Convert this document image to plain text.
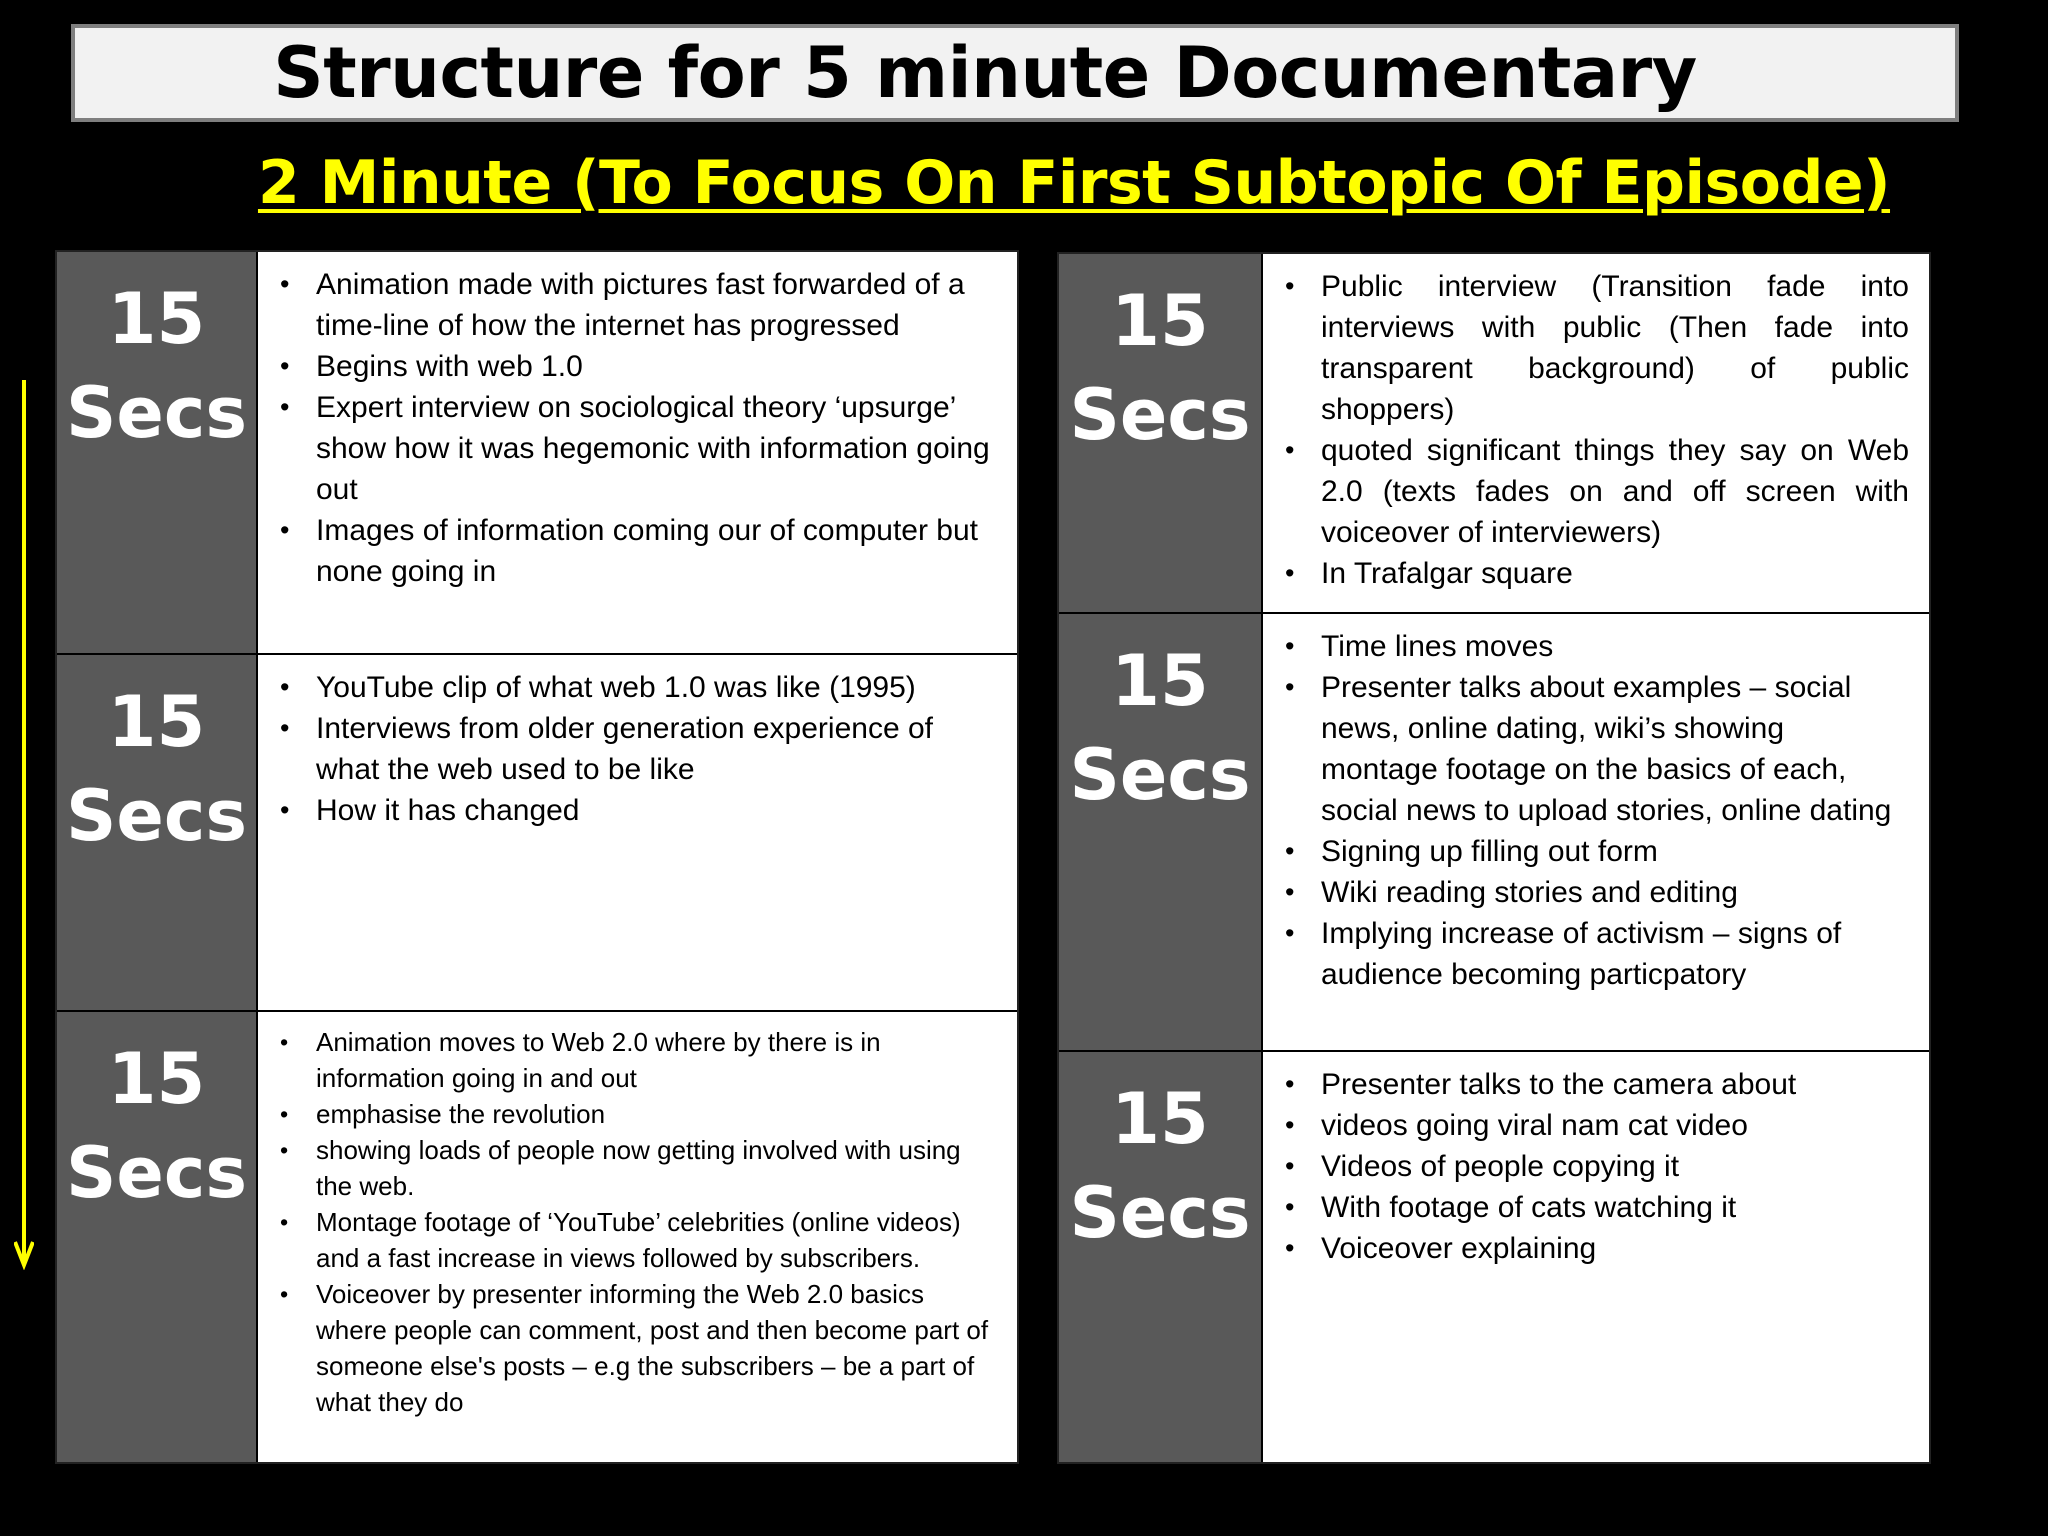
Structure for 5 minute Documentary
2 Minute (To Focus On First Subtopic Of Episode)
15
Secs
• Animation made with pictures fast forwarded of a time-line of how the internet has progressed
• Begins with web 1.0
• Expert interview on sociological theory ‘upsurge’ show how it was hegemonic with information going out
• Images of information coming our of computer but none going in
15
Secs
• YouTube clip of what web 1.0 was like (1995)
• Interviews from older generation experience of what the web used to be like
• How it has changed
15
Secs
• Animation moves to Web 2.0 where by there is in information going in and out
• emphasise the revolution
• showing loads of people now getting involved with using the web.
• Montage footage of ‘YouTube’ celebrities (online videos) and a fast increase in views followed by subscribers.
• Voiceover by presenter informing the Web 2.0 basics where people can comment, post and then become part of someone else's posts – e.g the subscribers – be a part of what they do
15
Secs
• Public interview (Transition fade into interviews with public (Then fade into transparent background) of public shoppers)
• quoted significant things they say on Web 2.0 (texts fades on and off screen with voiceover of interviewers)
• In Trafalgar square
15
Secs
• Time lines moves
• Presenter talks about examples – social news, online dating, wiki’s showing montage footage on the basics of each, social news to upload stories, online dating
• Signing up filling out form
• Wiki reading stories and editing
• Implying increase of activism – signs of audience becoming particpatory
15
Secs
• Presenter talks to the camera about
• videos going viral nam cat video
• Videos of people copying it
• With footage of cats watching it
• Voiceover explaining
